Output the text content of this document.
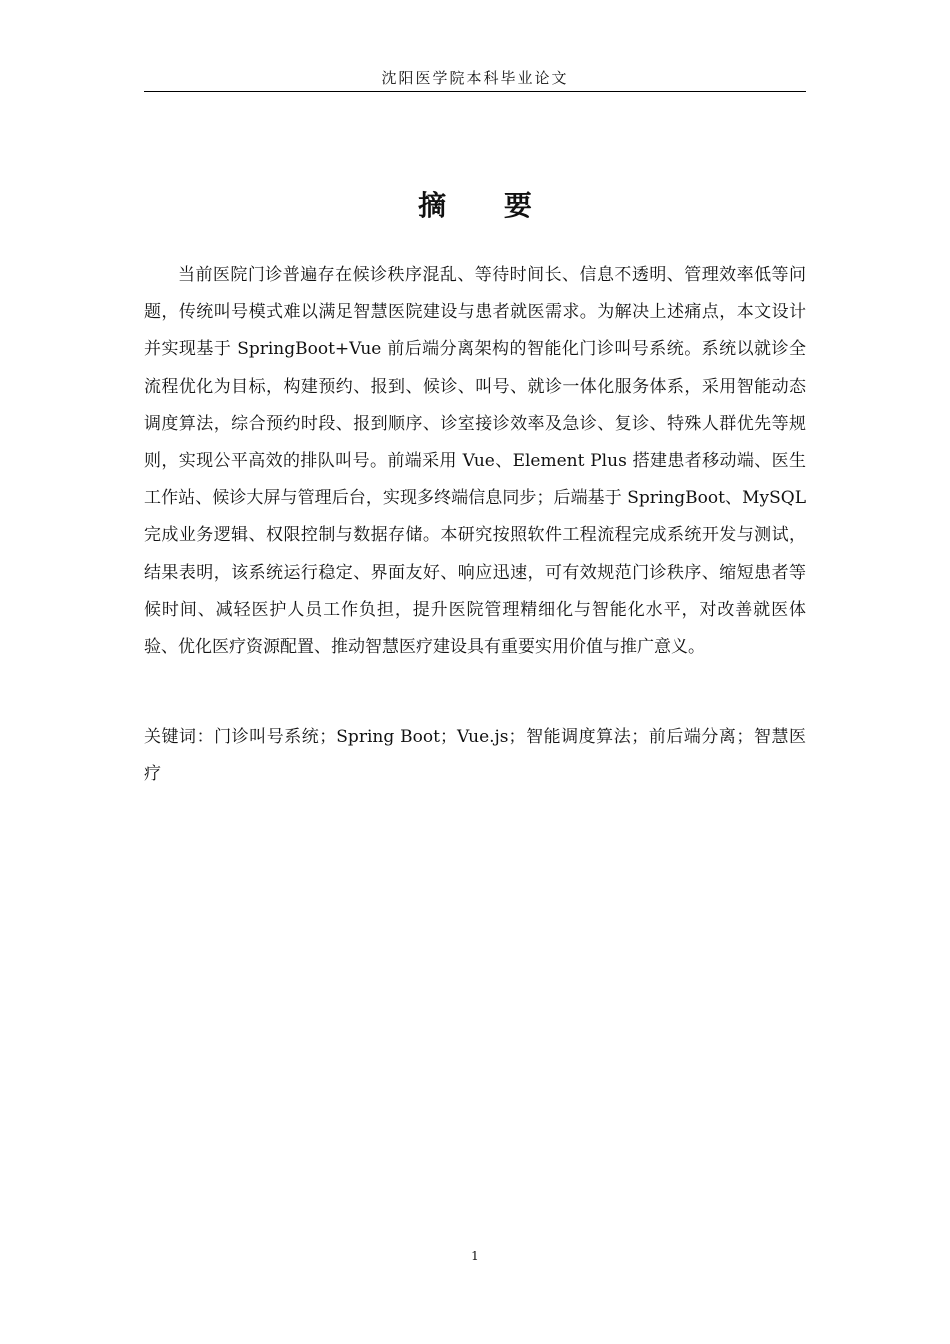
沈阳医学院本科毕业论文
摘 要

当前医院门诊普遍存在候诊秩序混乱、等待时间长、信息不透明、管理效率低等问题，传统叫号模式难以满足智慧医院建设与患者就医需求。为解决上述痛点，本文设计并实现基于 SpringBoot+Vue 前后端分离架构的智能化门诊叫号系统。系统以就诊全流程优化为目标，构建预约、报到、候诊、叫号、就诊一体化服务体系，采用智能动态调度算法，综合预约时段、报到顺序、诊室接诊效率及急诊、复诊、特殊人群优先等规则，实现公平高效的排队叫号。前端采用 Vue、Element Plus 搭建患者移动端、医生工作站、候诊大屏与管理后台，实现多终端信息同步；后端基于 SpringBoot、MySQL 完成业务逻辑、权限控制与数据存储。本研究按照软件工程流程完成系统开发与测试，结果表明，该系统运行稳定、界面友好、响应迅速，可有效规范门诊秩序、缩短患者等候时间、减轻医护人员工作负担，提升医院管理精细化与智能化水平，对改善就医体验、优化医疗资源配置、推动智慧医疗建设具有重要实用价值与推广意义。

关键词：门诊叫号系统；Spring Boot；Vue.js；智能调度算法；前后端分离；智慧医疗

1
